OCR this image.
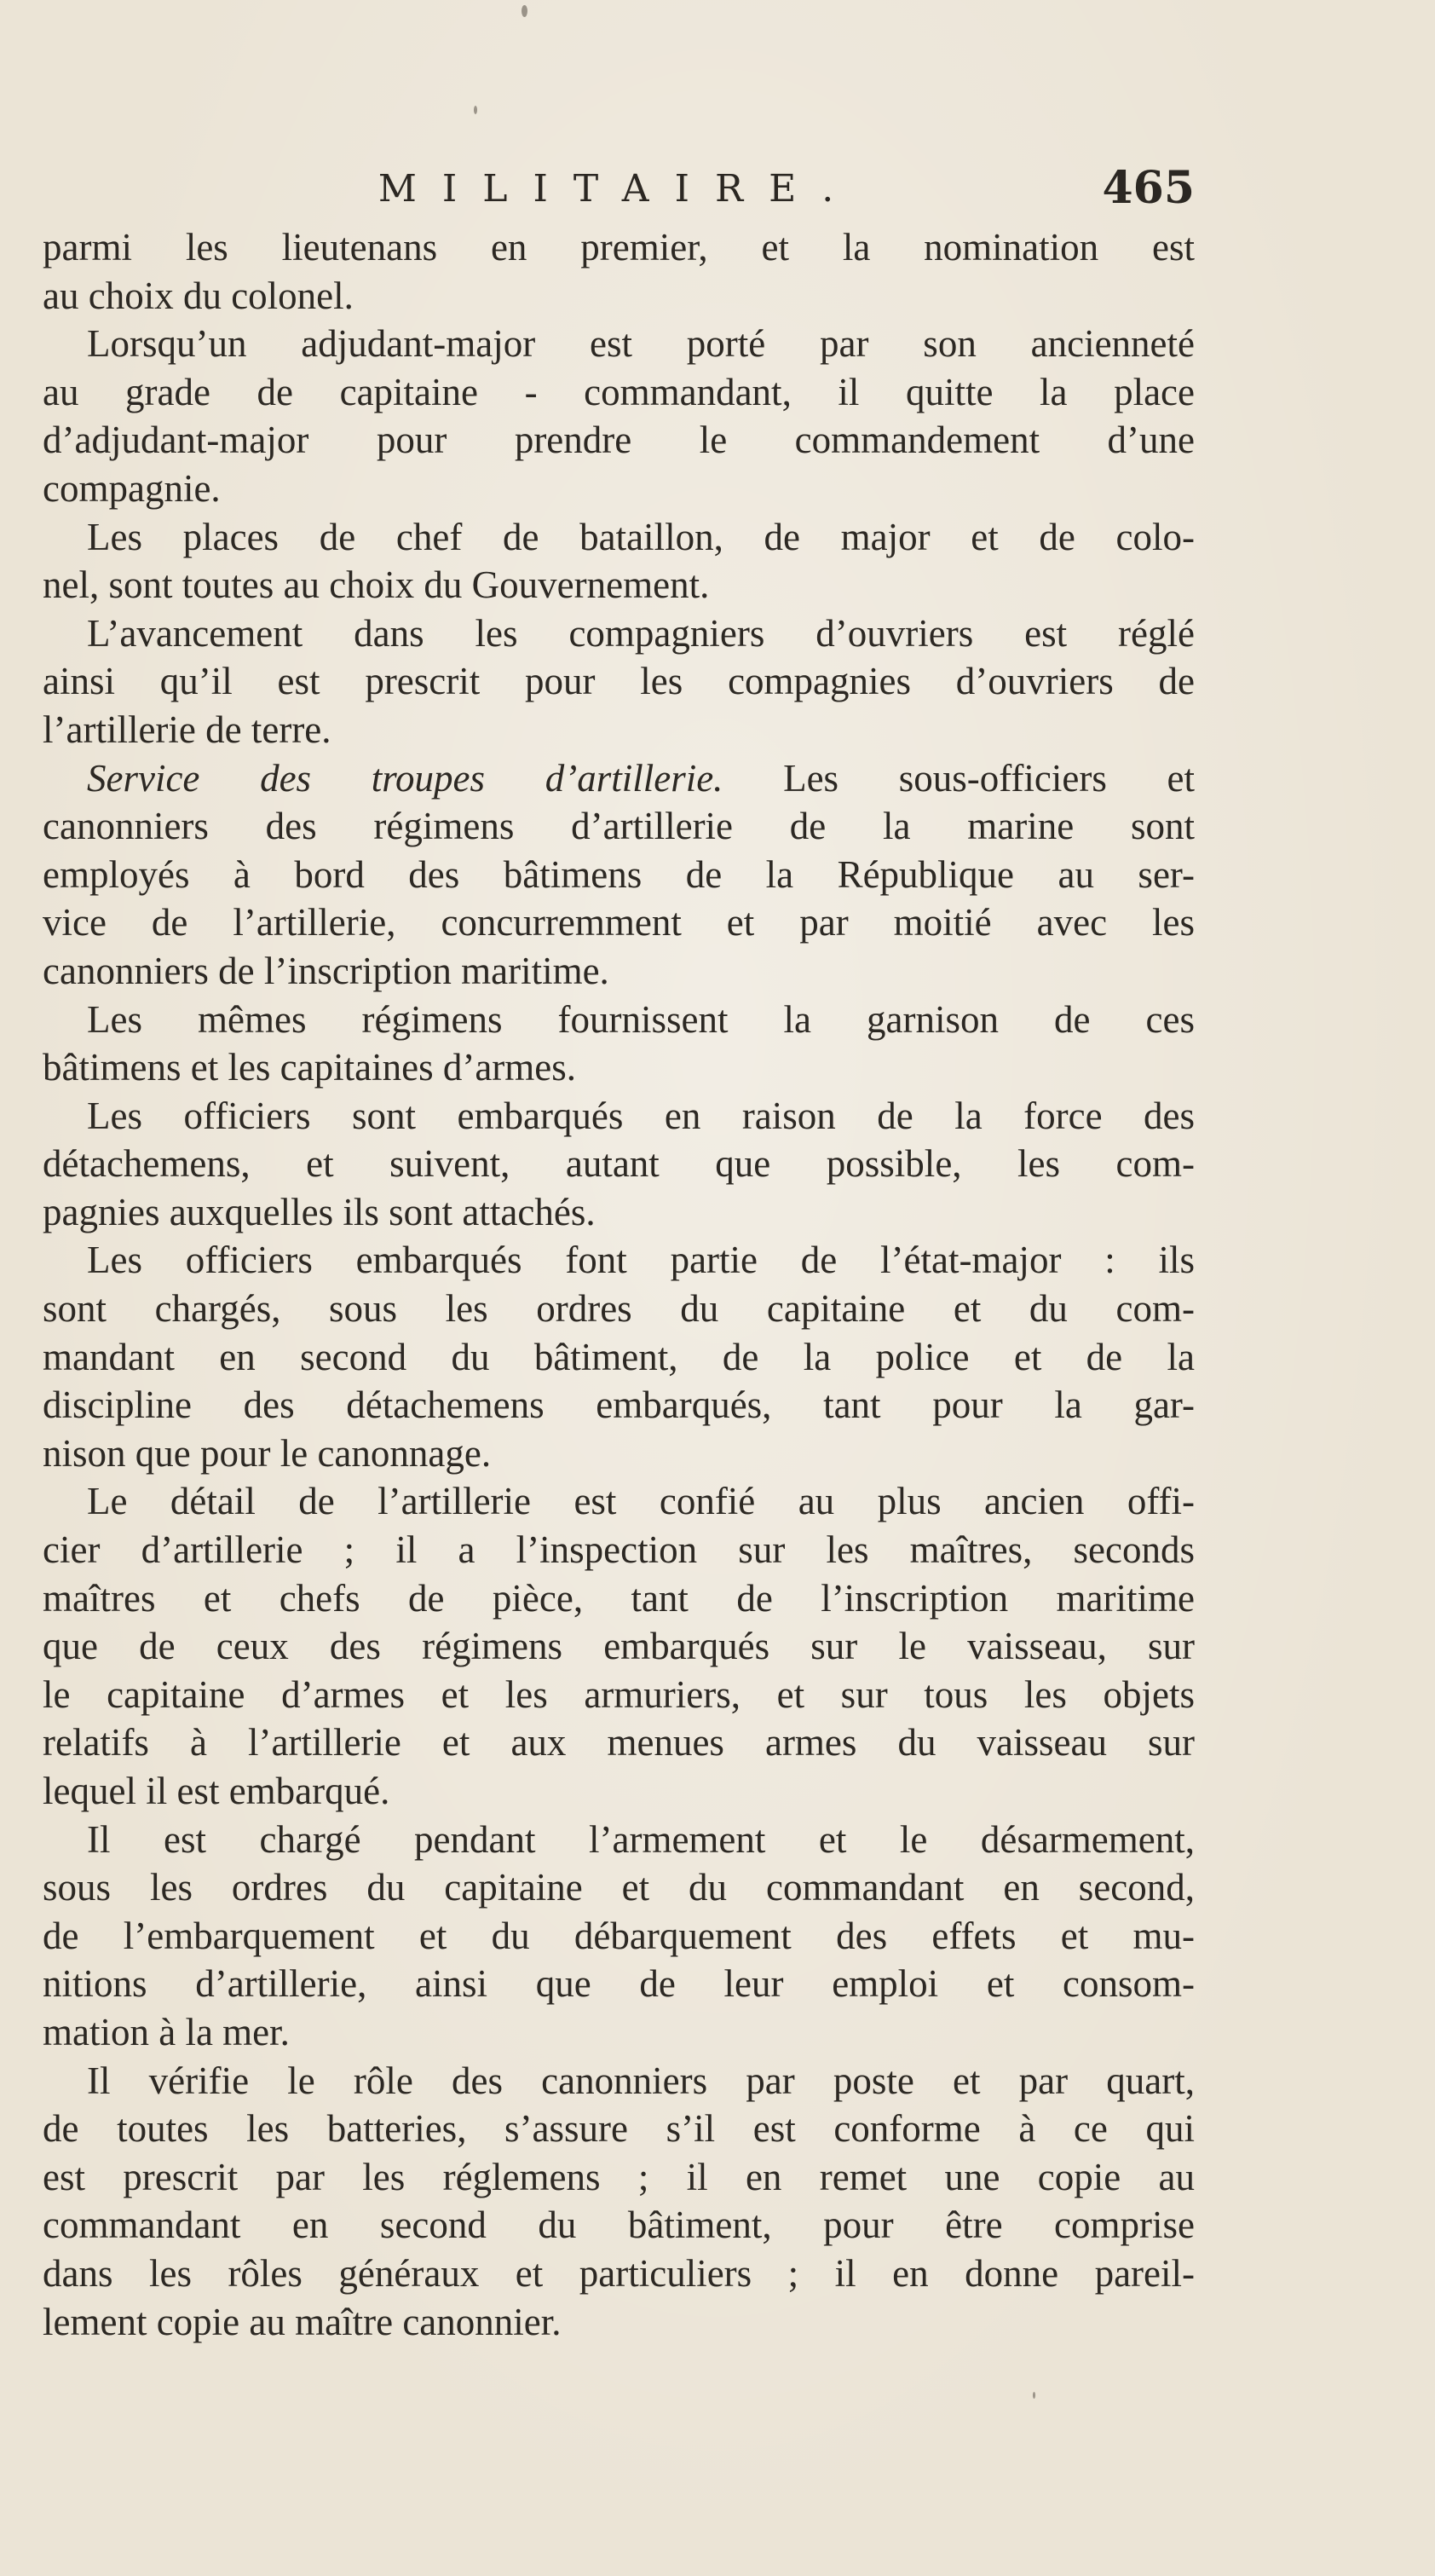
MILITAIRE.	465
parmi les lieutenans en premier, et la nomination est
au choix du colonel.
Lorsqu’un adjudant-major est porté par son ancienneté
au grade de capitaine - commandant, il quitte la place
d’adjudant-major pour prendre le commandement d’une
compagnie.
Les places de chef de bataillon, de major et de colo-
nel, sont toutes au choix du Gouvernement.
L’avancement dans les compagniers d’ouvriers est réglé
ainsi qu’il est prescrit pour les compagnies d’ouvriers de
l’artillerie de terre.
Service des troupes d’artillerie. Les sous-officiers et
canonniers des régimens d’artillerie de la marine sont
employés à bord des bâtimens de la République au ser-
vice de l’artillerie, concurremment et par moitié avec les
canonniers de l’inscription maritime.
Les mêmes régimens fournissent la garnison de ces
bâtimens et les capitaines d’armes.
Les officiers sont embarqués en raison de la force des
détachemens, et suivent, autant que possible, les com-
pagnies auxquelles ils sont attachés.
Les officiers embarqués font partie de l’état-major : ils
sont chargés, sous les ordres du capitaine et du com-
mandant en second du bâtiment, de la police et de la
discipline des détachemens embarqués, tant pour la gar-
nison que pour le canonnage.
Le détail de l’artillerie est confié au plus ancien offi-
cier d’artillerie ; il a l’inspection sur les maîtres, seconds
maîtres et chefs de pièce, tant de l’inscription maritime
que de ceux des régimens embarqués sur le vaisseau, sur
le capitaine d’armes et les armuriers, et sur tous les objets
relatifs à l’artillerie et aux menues armes du vaisseau sur
lequel il est embarqué.
Il est chargé pendant l’armement et le désarmement,
sous les ordres du capitaine et du commandant en second,
de l’embarquement et du débarquement des effets et mu-
nitions d’artillerie, ainsi que de leur emploi et consom-
mation à la mer.
Il vérifie le rôle des canonniers par poste et par quart,
de toutes les batteries, s’assure s’il est conforme à ce qui
est prescrit par les réglemens ; il en remet une copie au
commandant en second du bâtiment, pour être comprise
dans les rôles généraux et particuliers ; il en donne pareil-
lement copie au maître canonnier.
